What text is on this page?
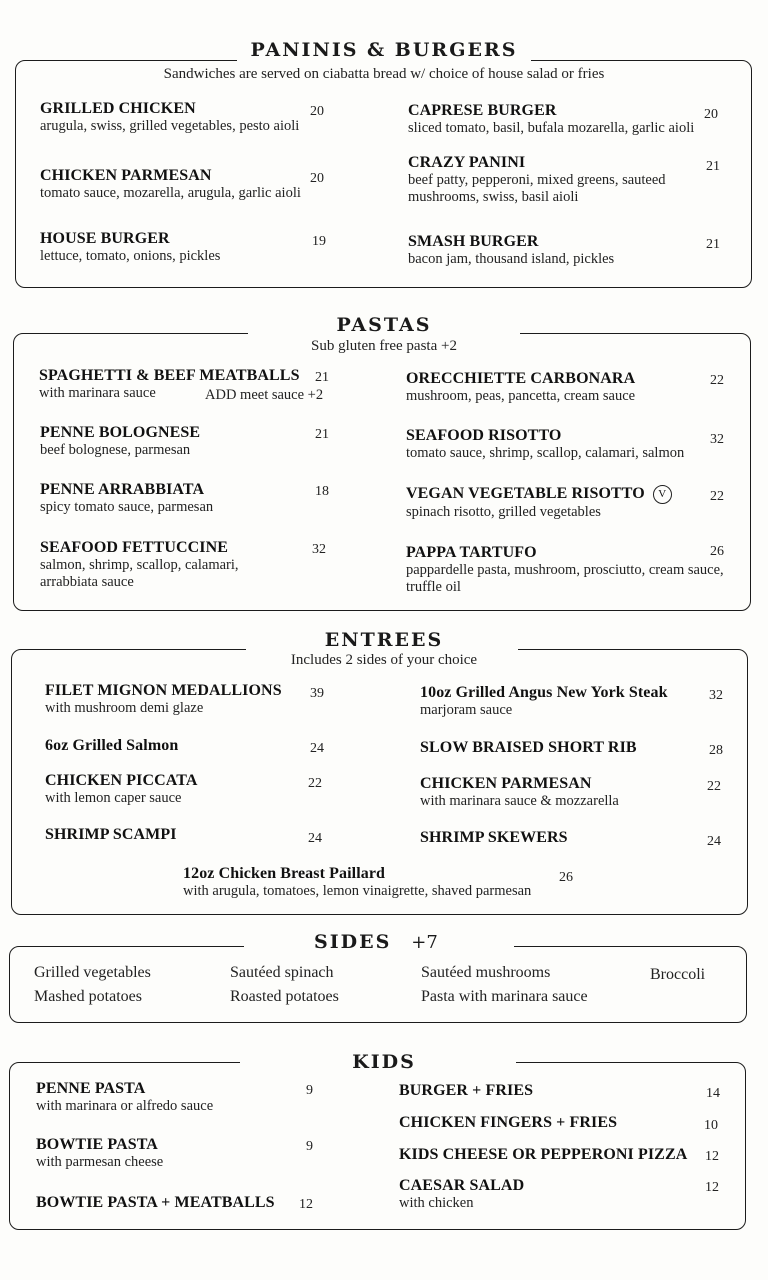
PANINIS & BURGERS
Sandwiches are served on ciabatta bread w/ choice of house salad or fries
GRILLED CHICKEN
arugula, swiss, grilled vegetables, pesto aioli
20
CHICKEN PARMESAN
tomato sauce, mozarella, arugula, garlic aioli
20
HOUSE BURGER
lettuce, tomato, onions, pickles
19
CAPRESE BURGER
sliced tomato, basil, bufala mozarella, garlic aioli
20
CRAZY PANINI
beef patty, pepperoni, mixed greens, sauteed mushrooms, swiss, basil aioli
21
SMASH BURGER
bacon jam, thousand island, pickles
21
PASTAS
Sub gluten free pasta +2
SPAGHETTI & BEEF MEATBALLS
with marinara sauce	ADD meet sauce +2
21
PENNE BOLOGNESE
beef bolognese, parmesan
21
PENNE ARRABBIATA
spicy tomato sauce, parmesan
18
SEAFOOD FETTUCCINE
salmon, shrimp, scallop, calamari, arrabbiata sauce
32
ORECCHIETTE CARBONARA
mushroom, peas, pancetta, cream sauce
22
SEAFOOD RISOTTO
tomato sauce, shrimp, scallop, calamari, salmon
32
VEGAN VEGETABLE RISOTTO V
spinach risotto, grilled vegetables
22
PAPPA TARTUFO
pappardelle pasta, mushroom, prosciutto, cream sauce, truffle oil
26
ENTREES
Includes 2 sides of your choice
FILET MIGNON MEDALLIONS
with mushroom demi glaze
39
6oz Grilled Salmon	24
CHICKEN PICCATA
with lemon caper sauce
22
SHRIMP SCAMPI	24
10oz Grilled Angus New York Steak
marjoram sauce
32
SLOW BRAISED SHORT RIB	28
CHICKEN PARMESAN
with marinara sauce & mozzarella
22
SHRIMP SKEWERS	24
12oz Chicken Breast Paillard
with arugula, tomatoes, lemon vinaigrette, shaved parmesan
26
SIDES	+7
Grilled vegetables
Mashed potatoes
Sautéed spinach
Roasted potatoes
Sautéed mushrooms
Pasta with marinara sauce
Broccoli
KIDS
PENNE PASTA
with marinara or alfredo sauce
9
BOWTIE PASTA
with parmesan cheese
9
BOWTIE PASTA + MEATBALLS	12
BURGER + FRIES	14
CHICKEN FINGERS + FRIES	10
KIDS CHEESE OR PEPPERONI PIZZA	12
CAESAR SALAD
with chicken
12
